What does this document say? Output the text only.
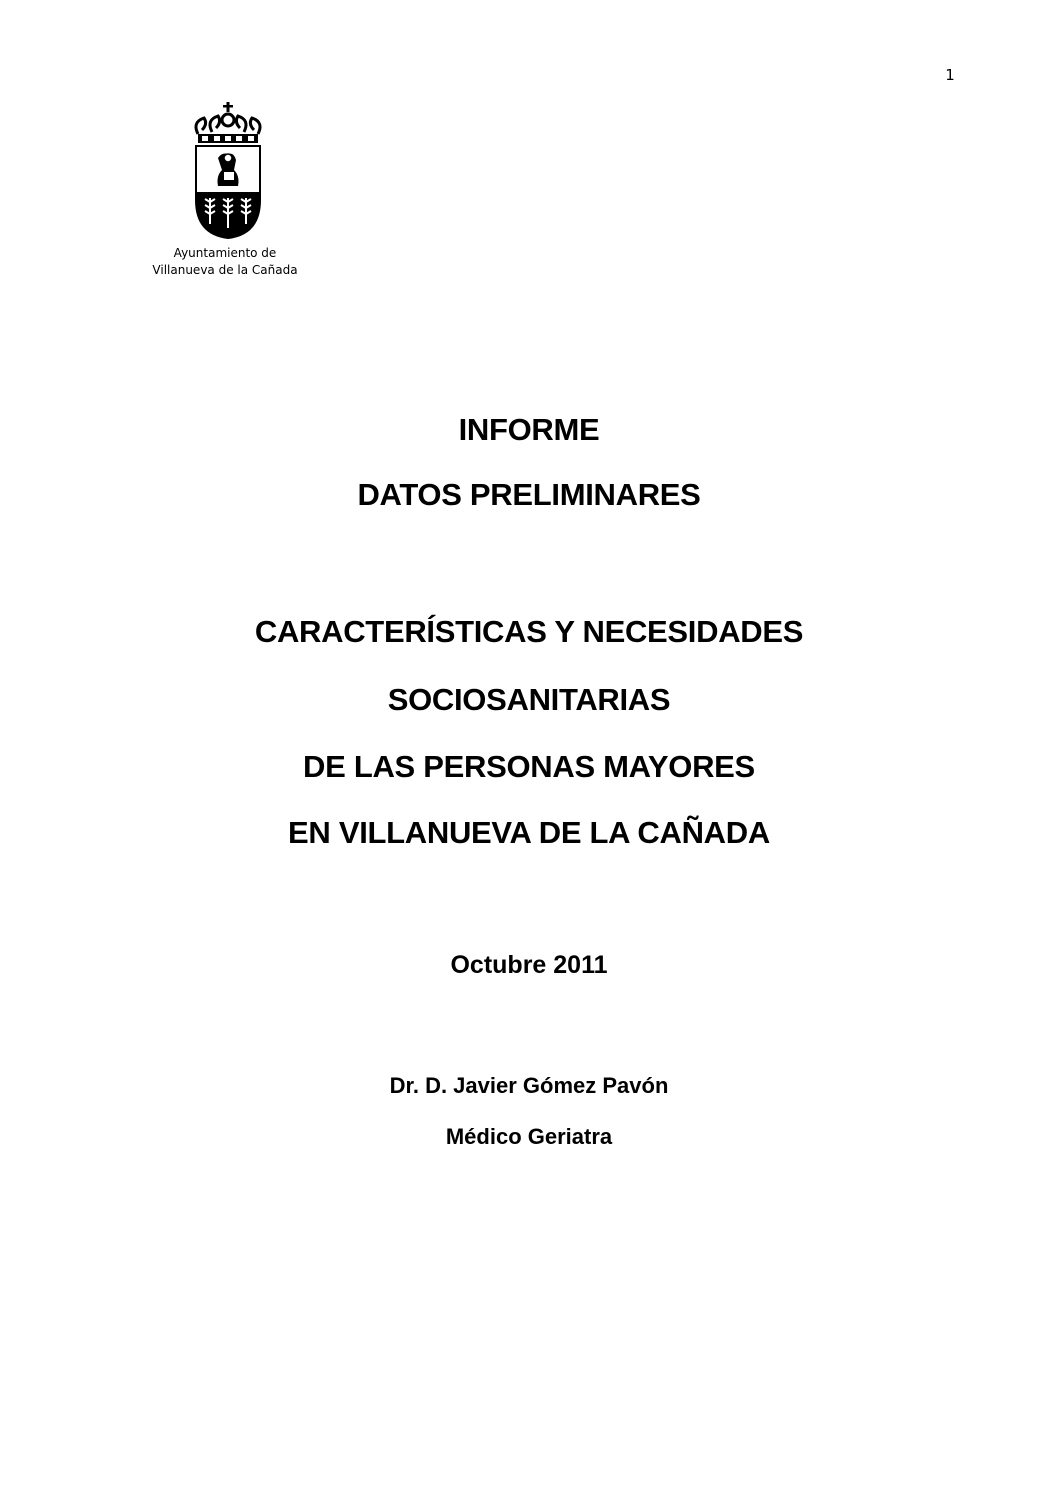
1
Ayuntamiento de
Villanueva de la Cañada
INFORME
DATOS PRELIMINARES
CARACTERÍSTICAS Y NECESIDADES
SOCIOSANITARIAS
DE LAS PERSONAS MAYORES
EN VILLANUEVA DE LA CAÑADA
Octubre 2011
Dr. D. Javier Gómez Pavón
Médico Geriatra
